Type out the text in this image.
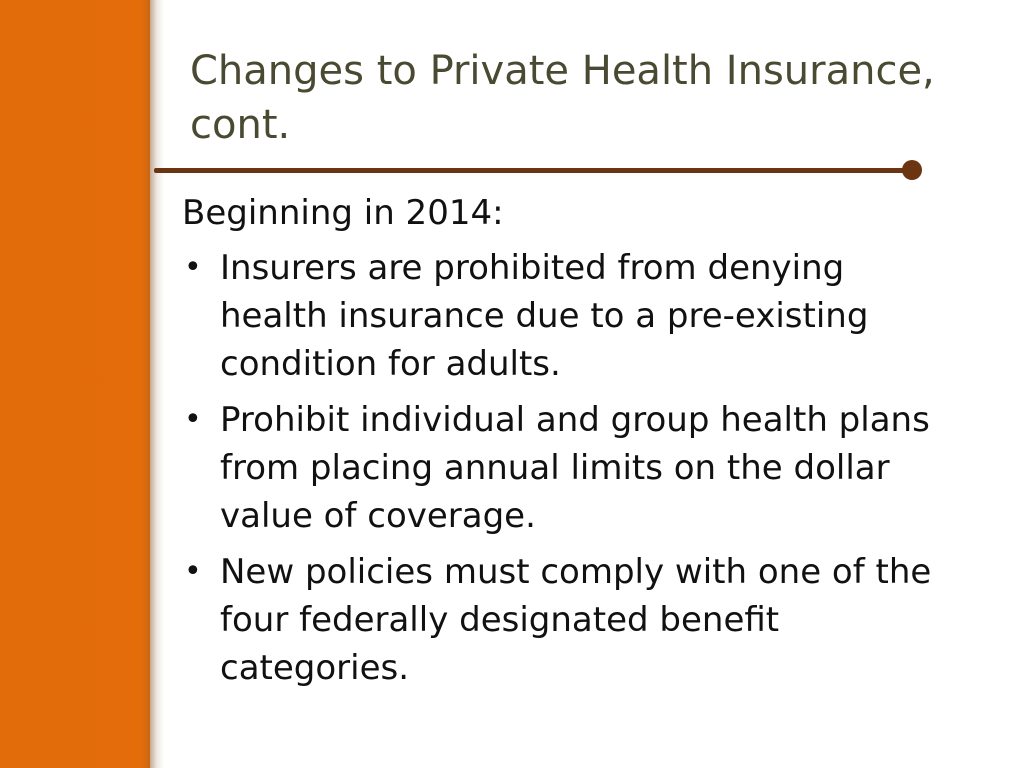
Changes to Private Health Insurance, cont.

Beginning in 2014:

• Insurers are prohibited from denying health insurance due to a pre-existing condition for adults.
• Prohibit individual and group health plans from placing annual limits on the dollar value of coverage.
• New policies must comply with one of the four federally designated benefit categories.
